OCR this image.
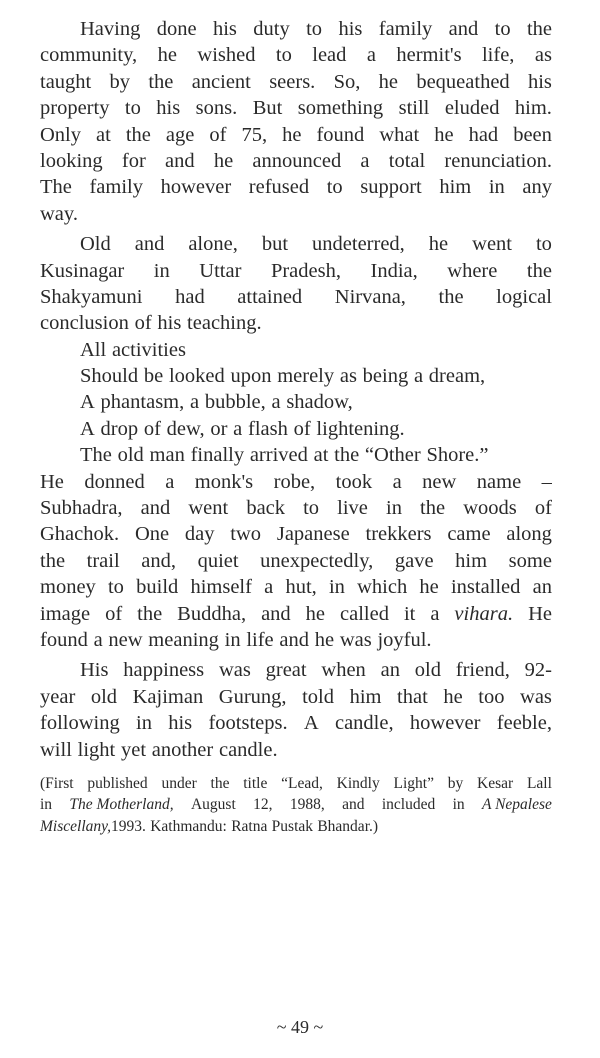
Having done his duty to his family and to the
community, he wished to lead a hermit's life, as
taught by the ancient seers. So, he bequeathed his
property to his sons. But something still eluded him.
Only at the age of 75, he found what he had been
looking for and he announced a total renunciation.
The family however refused to support him in any
way.
Old and alone, but undeterred, he went to
Kusinagar in Uttar Pradesh, India, where the
Shakyamuni had attained Nirvana, the logical
conclusion of his teaching.
All activities
Should be looked upon merely as being a dream,
A phantasm, a bubble, a shadow,
A drop of dew, or a flash of lightening.
The old man finally arrived at the “Other Shore.”
He donned a monk's robe, took a new name –
Subhadra, and went back to live in the woods of
Ghachok. One day two Japanese trekkers came along
the trail and, quiet unexpectedly, gave him some
money to build himself a hut, in which he installed an
image of the Buddha, and he called it a vihara. He
found a new meaning in life and he was joyful.
His happiness was great when an old friend, 92-
year old Kajiman Gurung, told him that he too was
following in his footsteps. A candle, however feeble,
will light yet another candle.
(First published under the title “Lead, Kindly Light” by Kesar Lall
in The Motherland, August 12, 1988, and included in A Nepalese
Miscellany, 1993. Kathmandu: Ratna Pustak Bhandar.)
~ 49 ~
